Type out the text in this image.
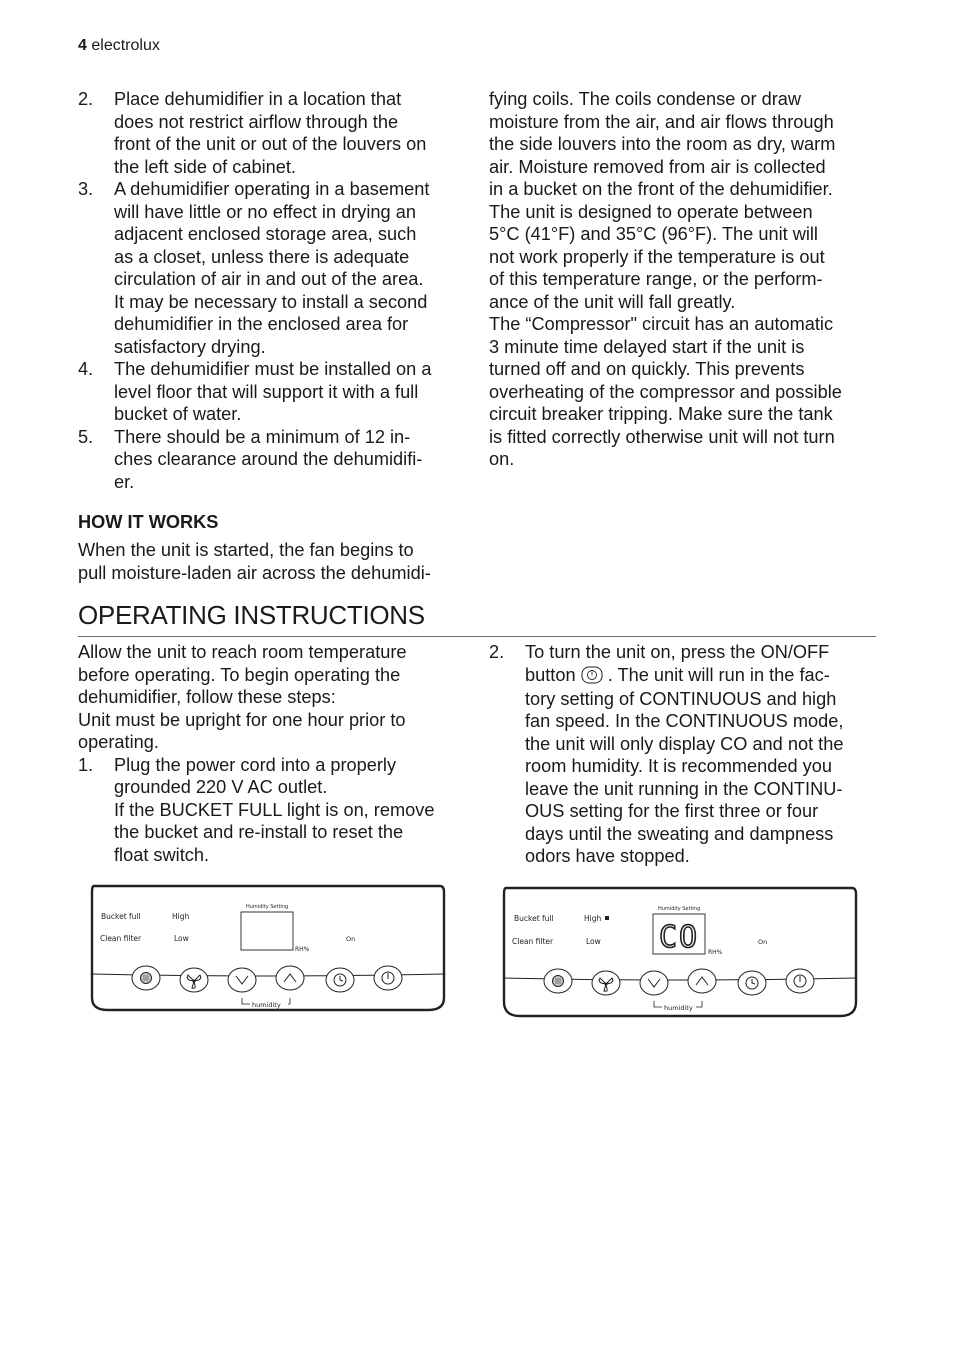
4 electrolux
2. Place dehumidifier in a location that
does not restrict airflow through the
front of the unit or out of the louvers on
the left side of cabinet.
3. A dehumidifier operating in a basement
will have little or no effect in drying an
adjacent enclosed storage area, such
as a closet, unless there is adequate
circulation of air in and out of the area.
It may be necessary to install a second
dehumidifier in the enclosed area for
satisfactory drying.
4. The dehumidifier must be installed on a
level floor that will support it with a full
bucket of water.
5. There should be a minimum of 12 in-
ches clearance around the dehumidifi-
er.
HOW IT WORKS
When the unit is started, the fan begins to
pull moisture-laden air across the dehumidi-
fying coils. The coils condense or draw
moisture from the air, and air flows through
the side louvers into the room as dry, warm
air. Moisture removed from air is collected
in a bucket on the front of the dehumidifier.
The unit is designed to operate between
5°C (41°F) and 35°C (96°F). The unit will
not work properly if the temperature is out
of this temperature range, or the perform-
ance of the unit will fall greatly.
The “Compressor" circuit has an automatic
3 minute time delayed start if the unit is
turned off and on quickly. This prevents
overheating of the compressor and possible
circuit breaker tripping. Make sure the tank
is fitted correctly otherwise unit will not turn
on.
OPERATING INSTRUCTIONS
Allow the unit to reach room temperature
before operating. To begin operating the
dehumidifier, follow these steps:
Unit must be upright for one hour prior to
operating.
1. Plug the power cord into a properly
grounded 220 V AC outlet.
If the BUCKET FULL light is on, remove
the bucket and re-install to reset the
float switch.
2. To turn the unit on, press the ON/OFF
button . The unit will run in the fac-
tory setting of CONTINUOUS and high
fan speed. In the CONTINUOUS mode,
the unit will only display CO and not the
room humidity. It is recommended you
leave the unit running in the CONTINU-
OUS setting for the first three or four
days until the sweating and dampness
odors have stopped.
Bucket full
Clean filter
High
Low
Humidity Setting
RH%
On
humidity
Bucket full
Clean filter
High
Low
Humidity Setting
CO RH%
On
humidity
